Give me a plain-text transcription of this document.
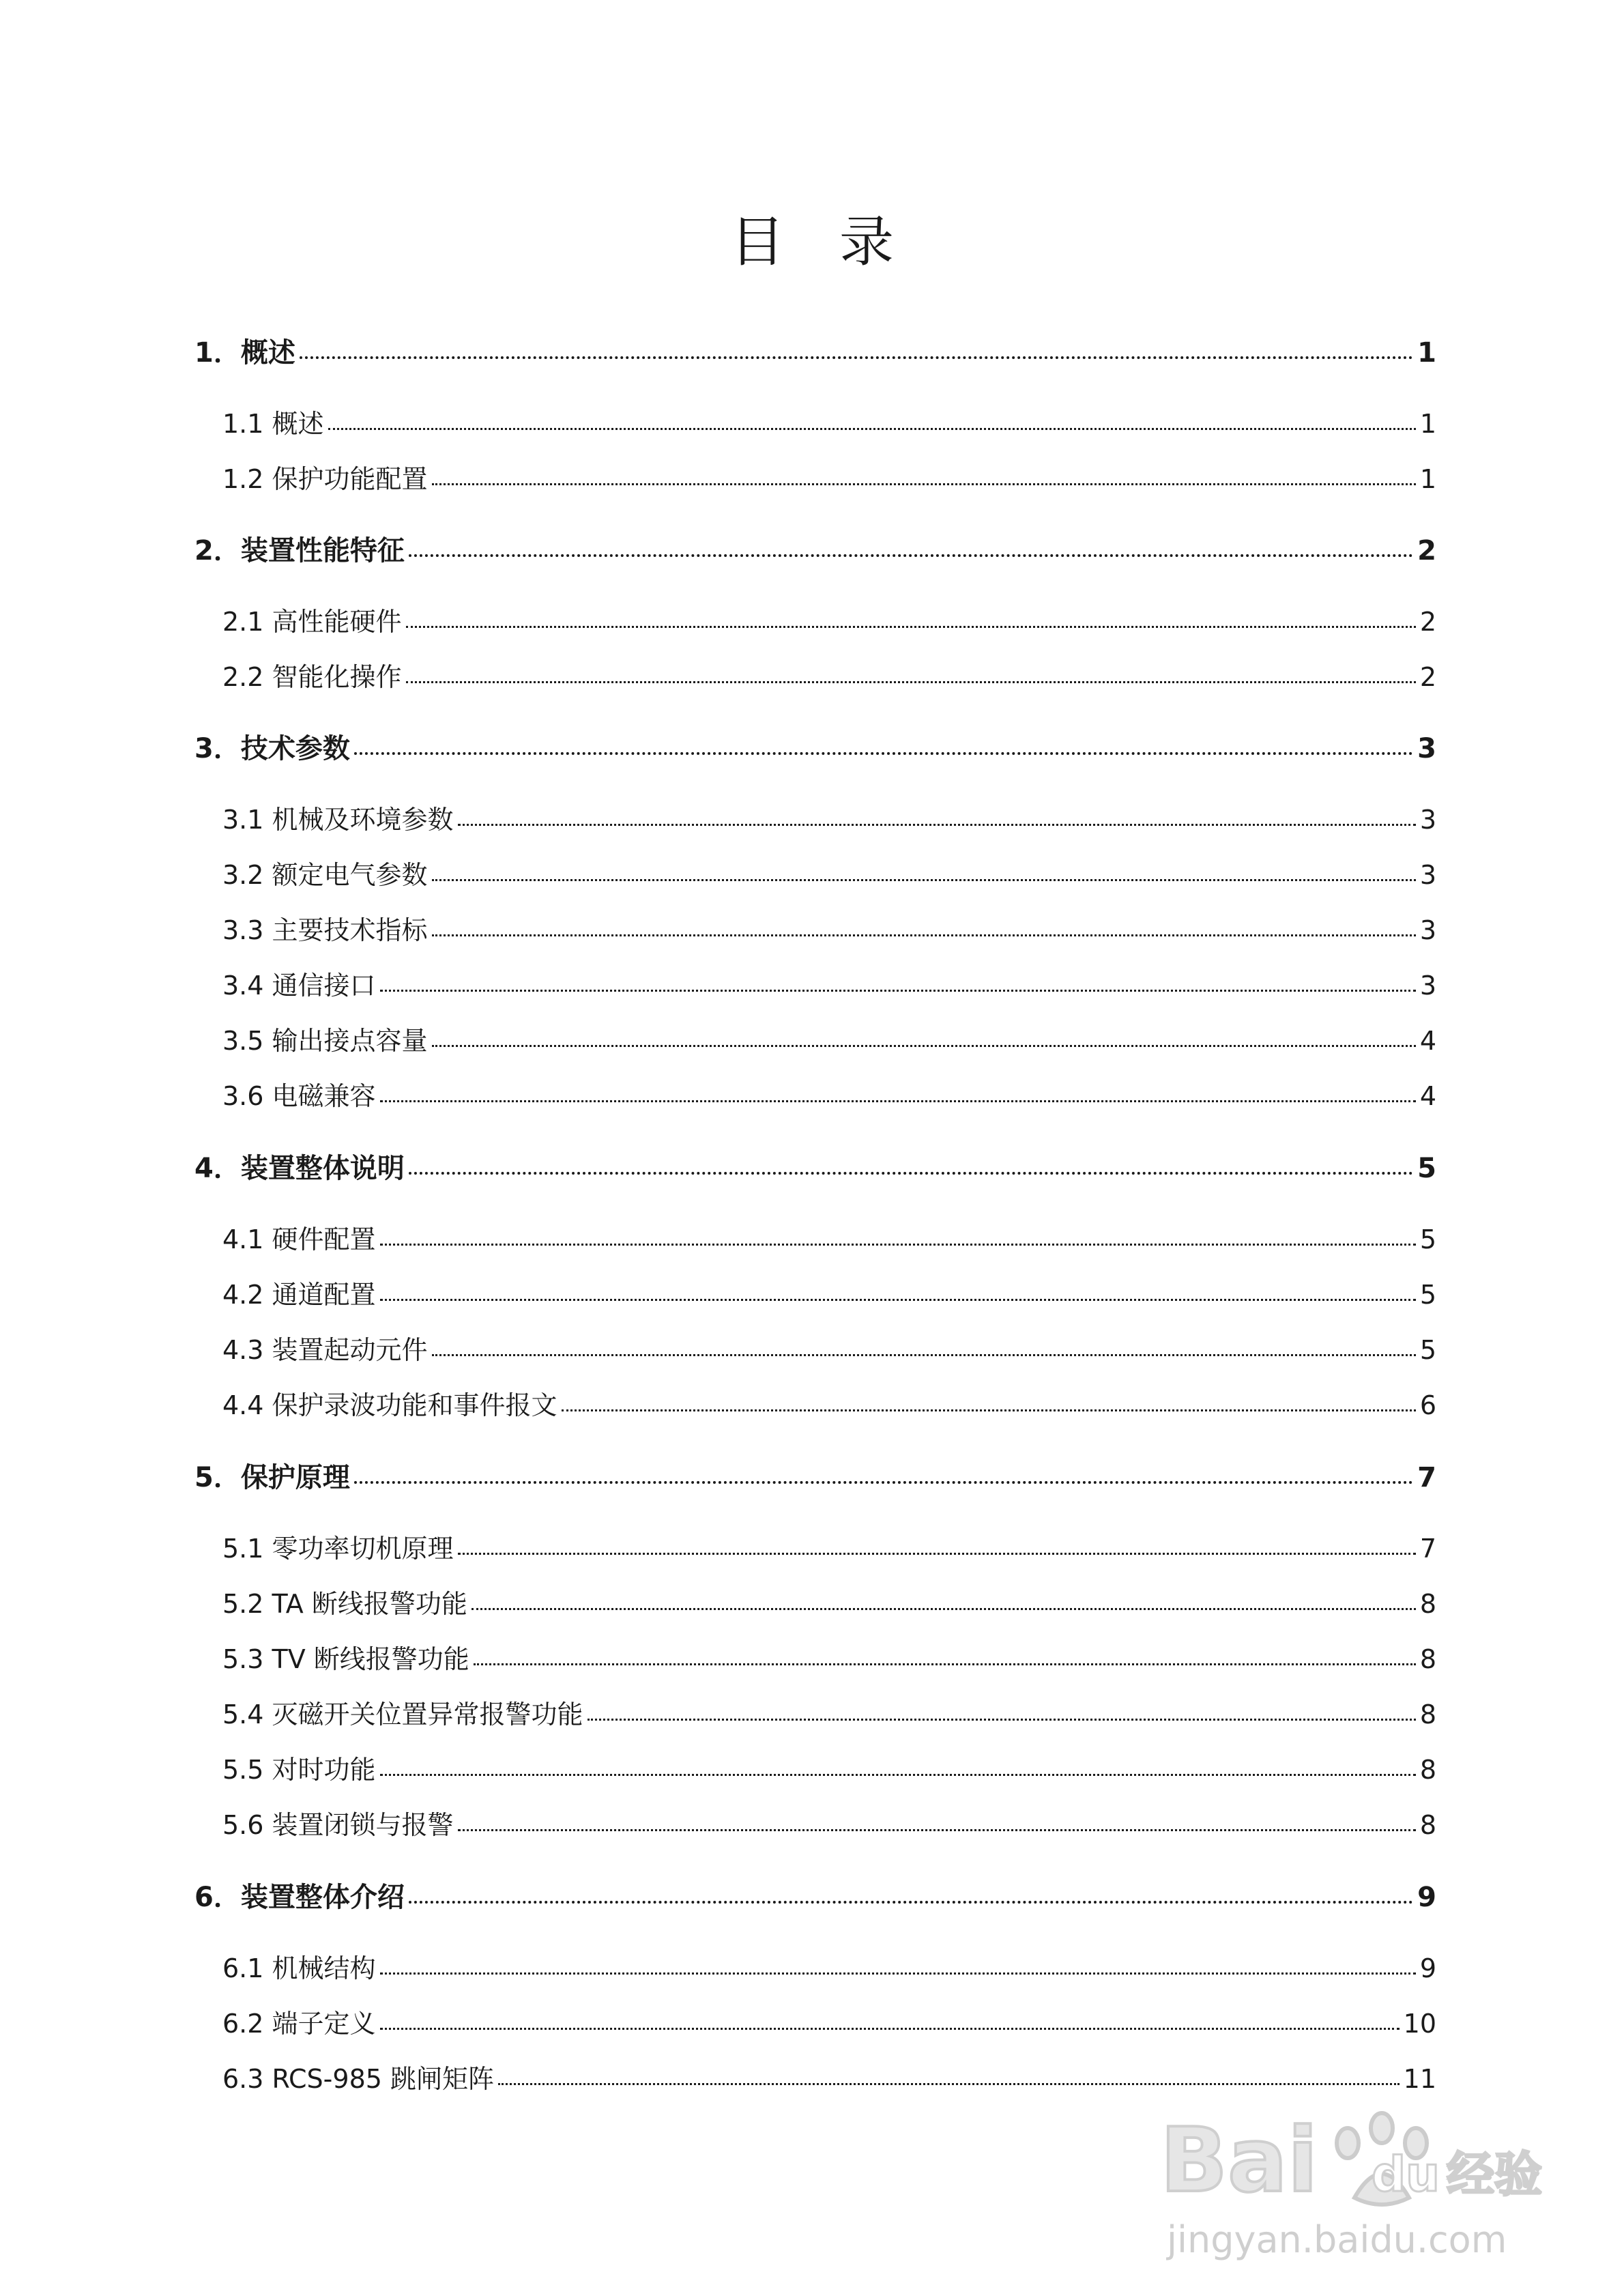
目　录
1．概述	1
1.1 概述	1
1.2 保护功能配置	1
2．装置性能特征	2
2.1 高性能硬件	2
2.2 智能化操作	2
3．技术参数	3
3.1 机械及环境参数	3
3.2 额定电气参数	3
3.3 主要技术指标	3
3.4 通信接口	3
3.5 输出接点容量	4
3.6 电磁兼容	4
4．装置整体说明	5
4.1 硬件配置	5
4.2 通道配置	5
4.3 装置起动元件	5
4.4 保护录波功能和事件报文	6
5．保护原理	7
5.1 零功率切机原理	7
5.2 TA 断线报警功能	8
5.3 TV 断线报警功能	8
5.4 灭磁开关位置异常报警功能	8
5.5 对时功能	8
5.6 装置闭锁与报警	8
6．装置整体介绍	9
6.1 机械结构	9
6.2 端子定义	10
6.3 RCS-985 跳闸矩阵	11
Bai du 经验
jingyan.baidu.com
